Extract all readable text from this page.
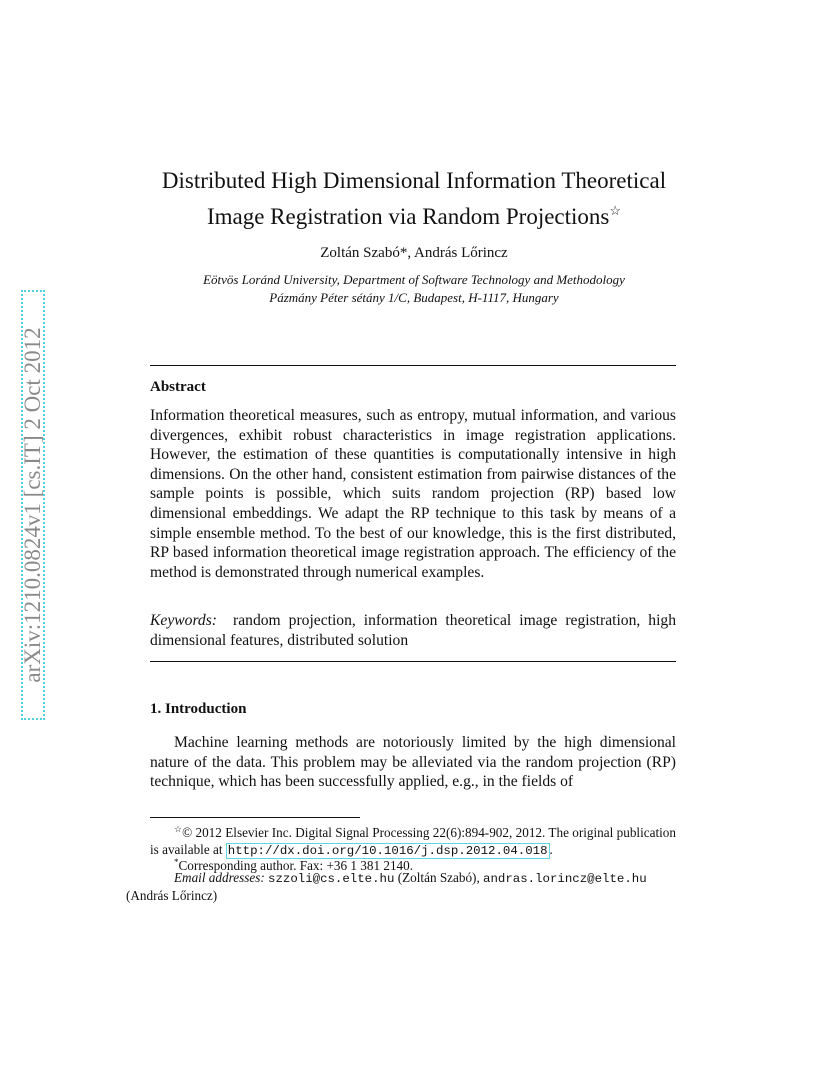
arXiv:1210.0824v1 [cs.IT] 2 Oct 2012
Distributed High Dimensional Information Theoretical
Image Registration via Random Projections☆
Zoltán Szabó*, András Lőrincz
Eötvös Loránd University, Department of Software Technology and Methodology
Pázmány Péter sétány 1/C, Budapest, H-1117, Hungary
Abstract
Information theoretical measures, such as entropy, mutual information, and various divergences, exhibit robust characteristics in image registration applications. However, the estimation of these quantities is computationally intensive in high dimensions. On the other hand, consistent estimation from pairwise distances of the sample points is possible, which suits random projection (RP) based low dimensional embeddings. We adapt the RP technique to this task by means of a simple ensemble method. To the best of our knowledge, this is the first distributed, RP based information theoretical image registration approach. The efficiency of the method is demonstrated through numerical examples.
Keywords: random projection, information theoretical image registration, high dimensional features, distributed solution
1. Introduction
Machine learning methods are notoriously limited by the high dimensional nature of the data. This problem may be alleviated via the random projection (RP) technique, which has been successfully applied, e.g., in the fields of
☆© 2012 Elsevier Inc. Digital Signal Processing 22(6):894-902, 2012. The original publication is available at http://dx.doi.org/10.1016/j.dsp.2012.04.018 .
*Corresponding author. Fax: +36 1 381 2140.
Email addresses: szzoli@cs.elte.hu (Zoltán Szabó), andras.lorincz@elte.hu
(András Lőrincz)
